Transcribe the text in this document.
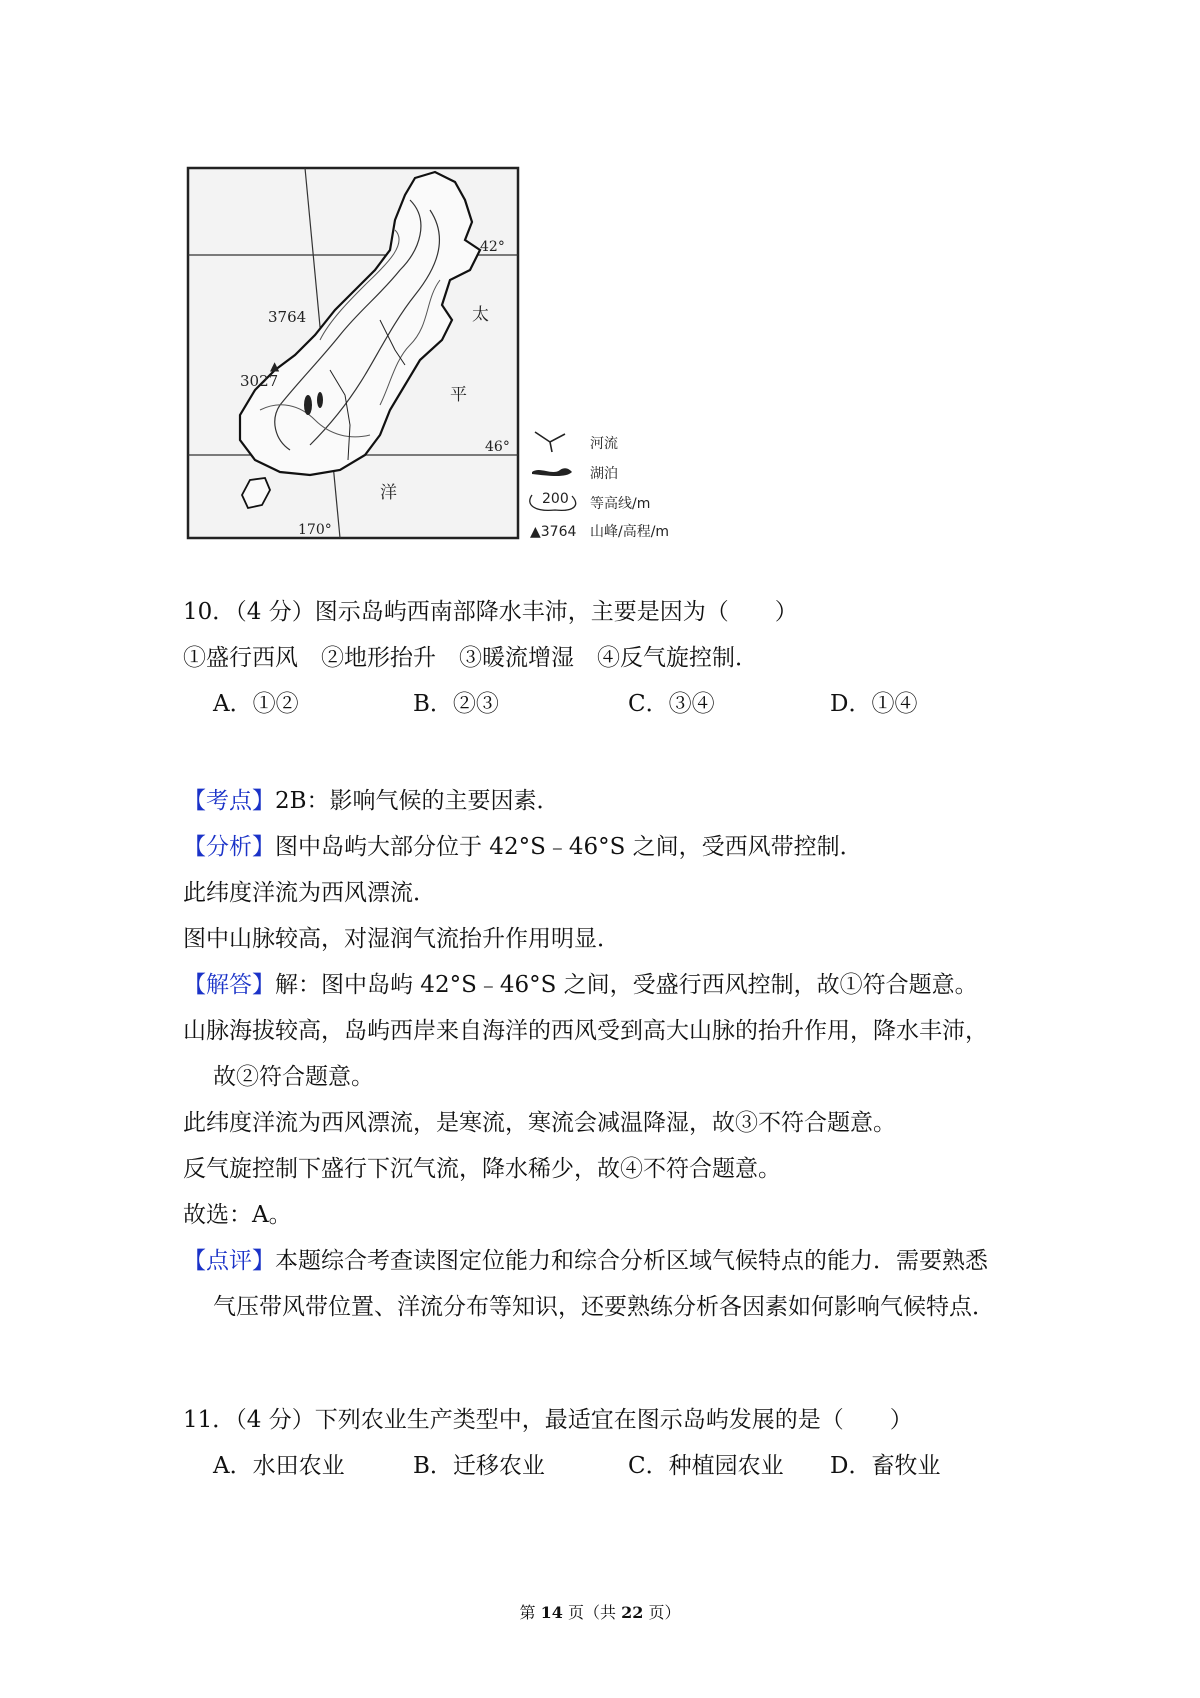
▲
3764
3027
42°
46°
170°
太
平
洋
河流
湖泊
200 等高线/m
▲3764 山峰/高程/m
10．（4 分）图示岛屿西南部降水丰沛，主要是因为（　　）
①盛行西风　②地形抬升　③暖流增湿　④反气旋控制．
A．①②	B．②③	C．③④	D．①④
【考点】2B：影响气候的主要因素．
【分析】图中岛屿大部分位于 42°S﹣46°S 之间，受西风带控制．
此纬度洋流为西风漂流．
图中山脉较高，对湿润气流抬升作用明显．
【解答】解：图中岛屿 42°S﹣46°S 之间，受盛行西风控制，故①符合题意。
山脉海拔较高，岛屿西岸来自海洋的西风受到高大山脉的抬升作用，降水丰沛，
故②符合题意。
此纬度洋流为西风漂流，是寒流，寒流会减温降湿，故③不符合题意。
反气旋控制下盛行下沉气流，降水稀少，故④不符合题意。
故选：A。
【点评】本题综合考查读图定位能力和综合分析区域气候特点的能力．需要熟悉
气压带风带位置、洋流分布等知识，还要熟练分析各因素如何影响气候特点．
11．（4 分）下列农业生产类型中，最适宜在图示岛屿发展的是（　　）
A．水田农业	B．迁移农业	C．种植园农业 D．畜牧业
第 14 页（共 22 页）
